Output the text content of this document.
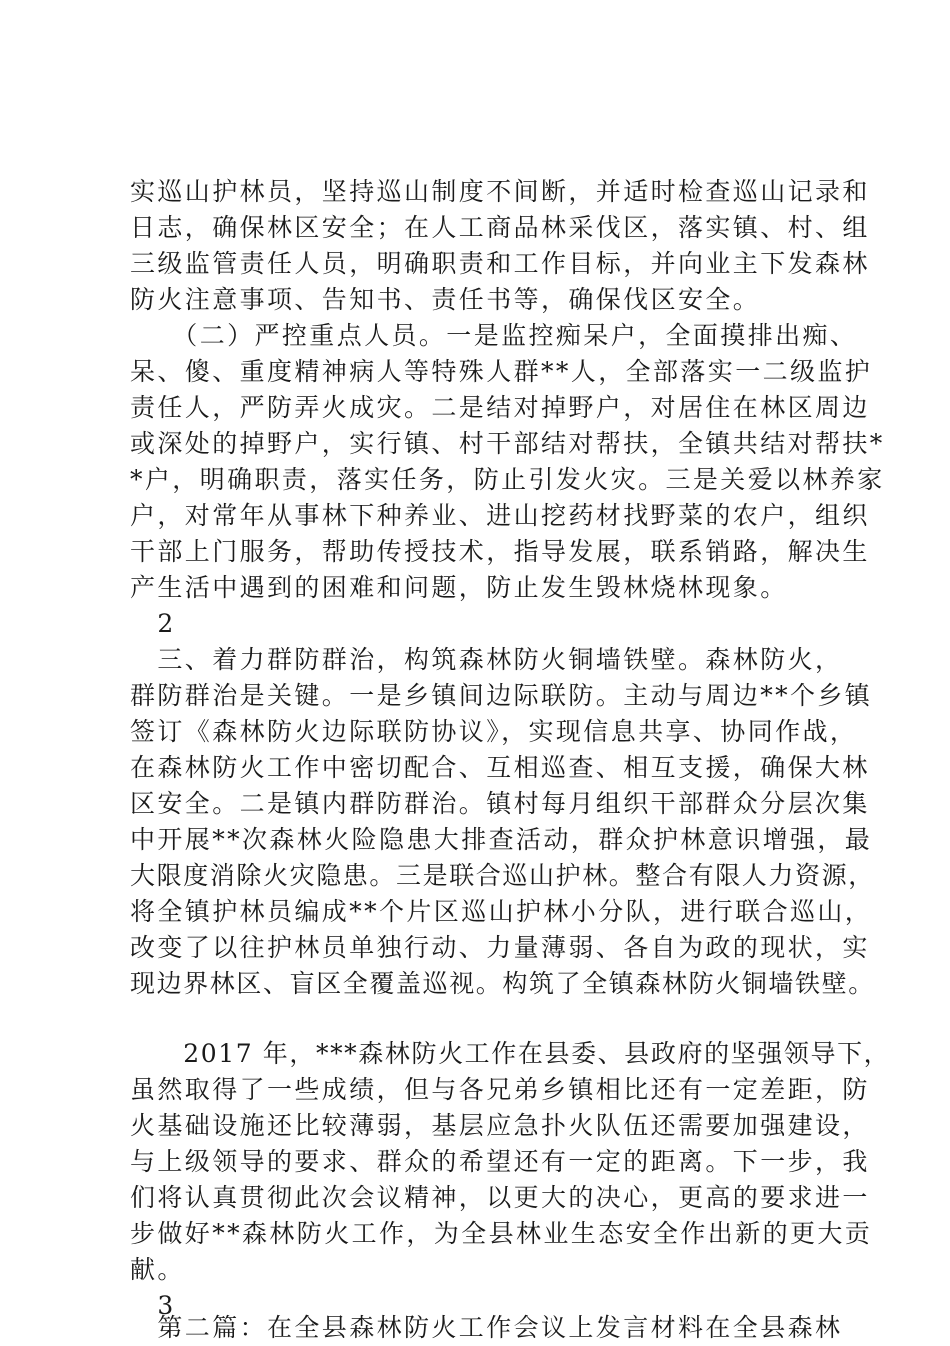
实巡山护林员，坚持巡山制度不间断，并适时检查巡山记录和
日志，确保林区安全；在人工商品林采伐区，落实镇、村、组
三级监管责任人员，明确职责和工作目标，并向业主下发森林
防火注意事项、告知书、责任书等，确保伐区安全。
　　（二）严控重点人员。一是监控痴呆户，全面摸排出痴、
呆、傻、重度精神病人等特殊人群**人，全部落实一二级监护
责任人，严防弄火成灾。二是结对掉野户，对居住在林区周边
或深处的掉野户，实行镇、村干部结对帮扶，全镇共结对帮扶*
*户，明确职责，落实任务，防止引发火灾。三是关爱以林养家
户，对常年从事林下种养业、进山挖药材找野菜的农户，组织
干部上门服务，帮助传授技术，指导发展，联系销路，解决生
产生活中遇到的困难和问题，防止发生毁林烧林现象。
　2
　三、着力群防群治，构筑森林防火铜墙铁壁。森林防火，
群防群治是关键。一是乡镇间边际联防。主动与周边**个乡镇
签订《森林防火边际联防协议》，实现信息共享、协同作战，
在森林防火工作中密切配合、互相巡查、相互支援，确保大林
区安全。二是镇内群防群治。镇村每月组织干部群众分层次集
中开展**次森林火险隐患大排查活动，群众护林意识增强，最
大限度消除火灾隐患。三是联合巡山护林。整合有限人力资源，
将全镇护林员编成**个片区巡山护林小分队，进行联合巡山，
改变了以往护林员单独行动、力量薄弱、各自为政的现状，实
现边界林区、盲区全覆盖巡视。构筑了全镇森林防火铜墙铁壁。
　　2017 年，***森林防火工作在县委、县政府的坚强领导下，
虽然取得了一些成绩，但与各兄弟乡镇相比还有一定差距，防
火基础设施还比较薄弱，基层应急扑火队伍还需要加强建设，
与上级领导的要求、群众的希望还有一定的距离。下一步，我
们将认真贯彻此次会议精神，以更大的决心，更高的要求进一
步做好**森林防火工作，为全县林业生态安全作出新的更大贡
献。
　3
　第二篇：在全县森林防火工作会议上发言材料在全县森林
